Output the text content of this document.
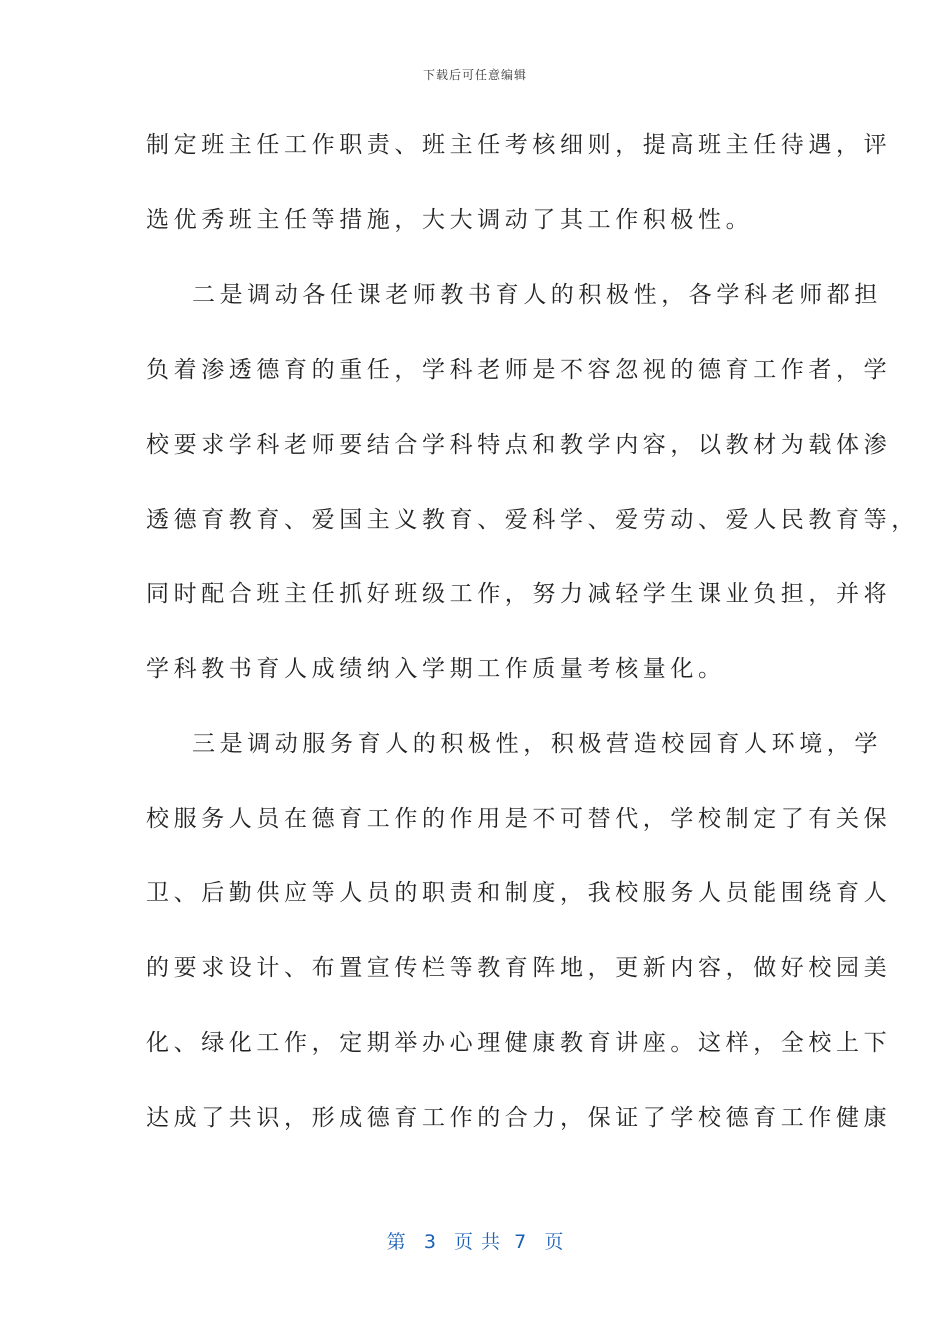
下载后可任意编辑
制定班主任工作职责、班主任考核细则，提高班主任待遇，评
选优秀班主任等措施，大大调动了其工作积极性。
二是调动各任课老师教书育人的积极性，各学科老师都担
负着渗透德育的重任，学科老师是不容忽视的德育工作者，学
校要求学科老师要结合学科特点和教学内容，以教材为载体渗
透德育教育、爱国主义教育、爱科学、爱劳动、爱人民教育等，
同时配合班主任抓好班级工作，努力减轻学生课业负担，并将
学科教书育人成绩纳入学期工作质量考核量化。
三是调动服务育人的积极性，积极营造校园育人环境，学
校服务人员在德育工作的作用是不可替代，学校制定了有关保
卫、后勤供应等人员的职责和制度，我校服务人员能围绕育人
的要求设计、布置宣传栏等教育阵地，更新内容，做好校园美
化、绿化工作，定期举办心理健康教育讲座。这样，全校上下
达成了共识，形成德育工作的合力，保证了学校德育工作健康
第 3 页共 7 页
